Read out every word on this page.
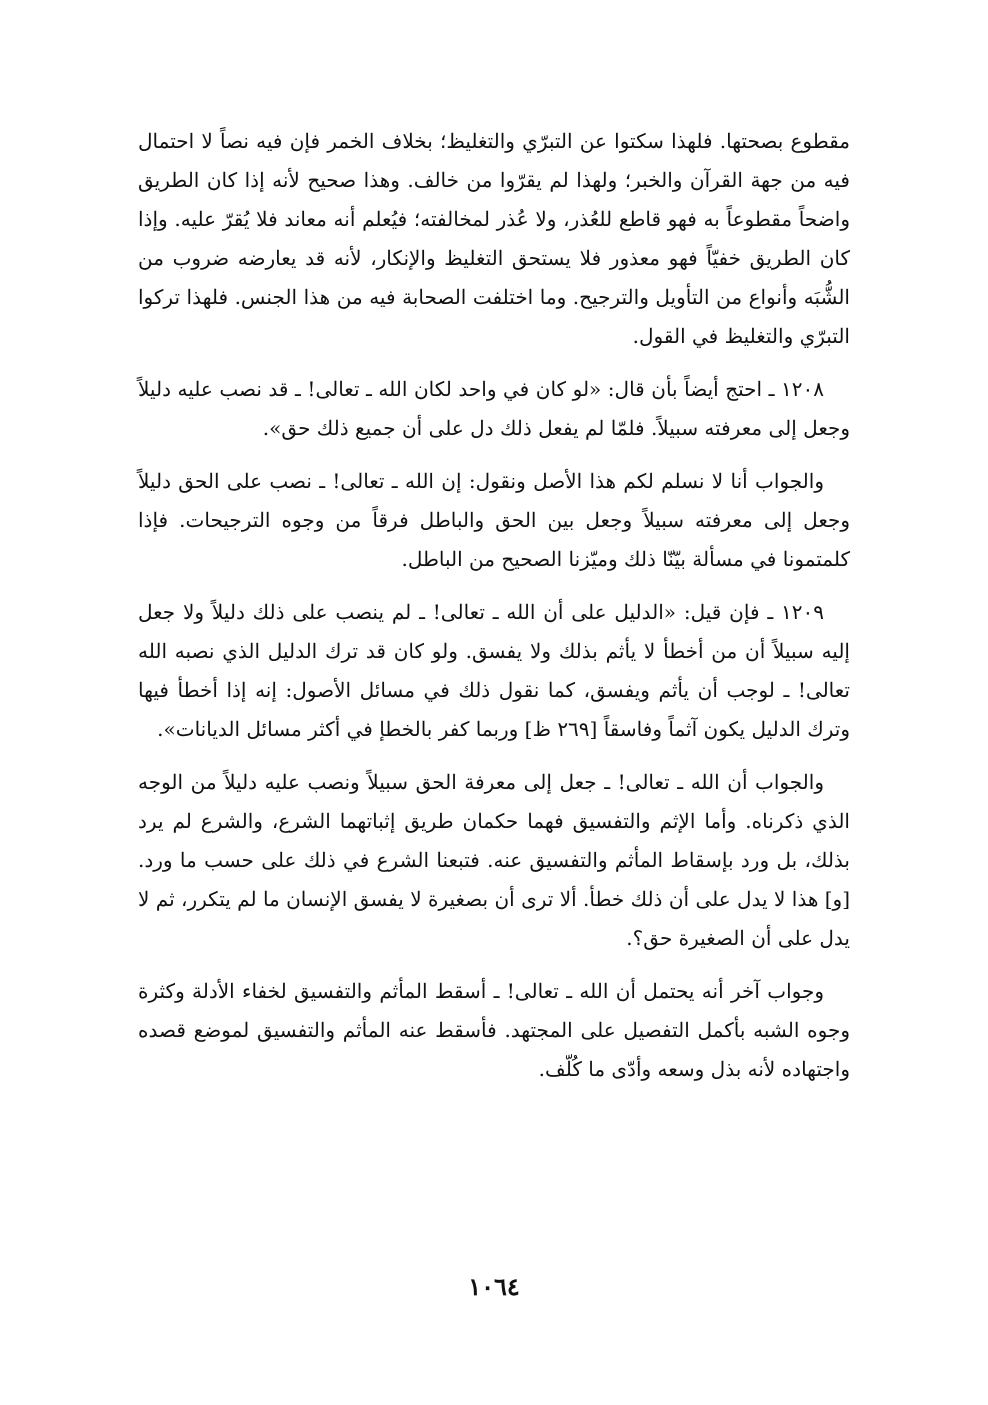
مقطوع بصحتها. فلهذا سكتوا عن التبرّي والتغليظ؛ بخلاف الخمر فإن فيه نصاً لا احتمال فيه من جهة القرآن والخبر؛ ولهذا لم يقرّوا من خالف. وهذا صحيح لأنه إذا كان الطريق واضحاً مقطوعاً به فهو قاطع للعُذر، ولا عُذر لمخالفته؛ فيُعلم أنه معاند فلا يُقرّ عليه. وإذا كان الطريق خفيّاً فهو معذور فلا يستحق التغليظ والإنكار، لأنه قد يعارضه ضروب من الشُّبَه وأنواع من التأويل والترجيح. وما اختلفت الصحابة فيه من هذا الجنس. فلهذا تركوا التبرّي والتغليظ في القول.

١٢٠٨ ـ احتج أيضاً بأن قال: «لو كان في واحد لكان الله ـ تعالى! ـ قد نصب عليه دليلاً وجعل إلى معرفته سبيلاً. فلمّا لم يفعل ذلك دل على أن جميع ذلك حق».

والجواب أنا لا نسلم لكم هذا الأصل ونقول: إن الله ـ تعالى! ـ نصب على الحق دليلاً وجعل إلى معرفته سبيلاً وجعل بين الحق والباطل فرقاً من وجوه الترجيحات. فإذا كلمتمونا في مسألة بيّنّا ذلك وميّزنا الصحيح من الباطل.

١٢٠٩ ـ فإن قيل: «الدليل على أن الله ـ تعالى! ـ لم ينصب على ذلك دليلاً ولا جعل إليه سبيلاً أن من أخطأ لا يأثم بذلك ولا يفسق. ولو كان قد ترك الدليل الذي نصبه الله تعالى! ـ لوجب أن يأثم ويفسق، كما نقول ذلك في مسائل الأصول: إنه إذا أخطأ فيها وترك الدليل يكون آثماً وفاسقاً [٢٦٩ ظ] وربما كفر بالخطإ في أكثر مسائل الديانات».

والجواب أن الله ـ تعالى! ـ جعل إلى معرفة الحق سبيلاً ونصب عليه دليلاً من الوجه الذي ذكرناه. وأما الإثم والتفسيق فهما حكمان طريق إثباتهما الشرع، والشرع لم يرد بذلك، بل ورد بإسقاط المأثم والتفسيق عنه. فتبعنا الشرع في ذلك على حسب ما ورد. [و] هذا لا يدل على أن ذلك خطأ. ألا ترى أن بصغيرة لا يفسق الإنسان ما لم يتكرر، ثم لا يدل على أن الصغيرة حق؟.

وجواب آخر أنه يحتمل أن الله ـ تعالى! ـ أسقط المأثم والتفسيق لخفاء الأدلة وكثرة وجوه الشبه بأكمل التفصيل على المجتهد. فأسقط عنه المأثم والتفسيق لموضع قصده واجتهاده لأنه بذل وسعه وأدّى ما كُلّف.

١٠٦٤
